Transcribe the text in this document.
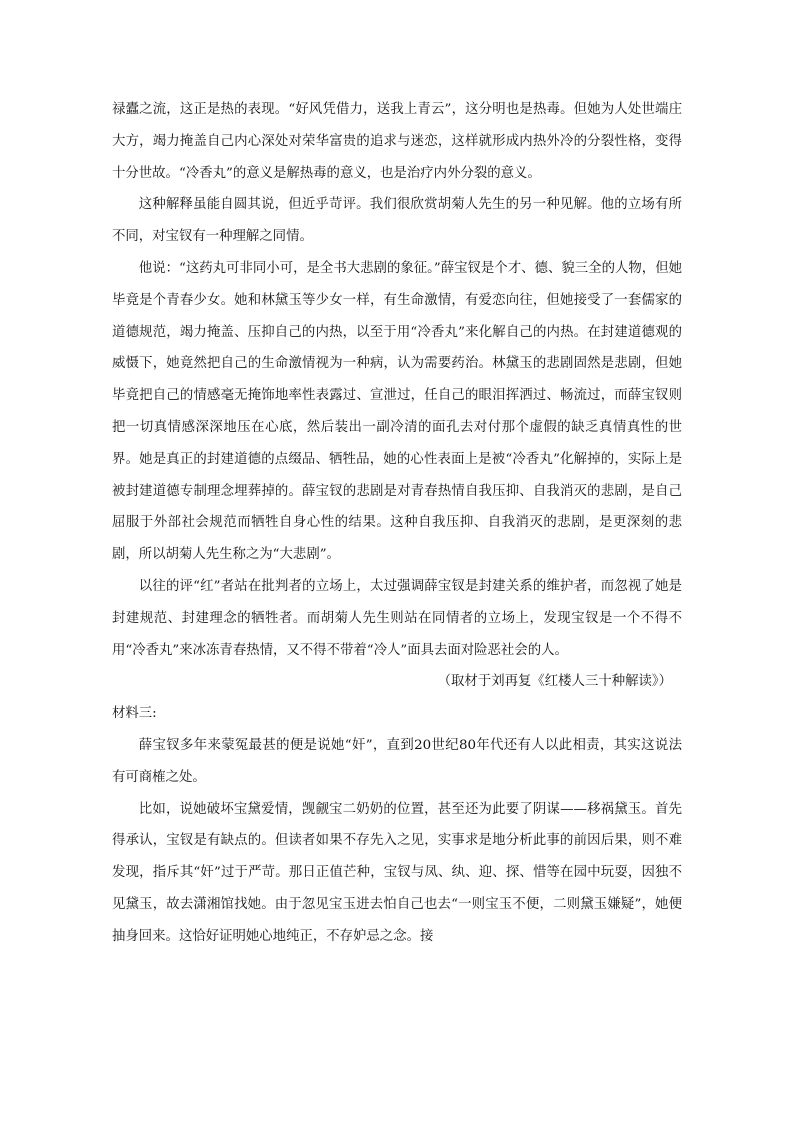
禄蠹之流，这正是热的表现。“好风凭借力，送我上青云”，这分明也是热毒。但她为人处世端庄大方，竭力掩盖自己内心深处对荣华富贵的追求与迷恋，这样就形成内热外冷的分裂性格，变得十分世故。“冷香丸”的意义是解热毒的意义，也是治疗内外分裂的意义。

这种解释虽能自圆其说，但近乎苛评。我们很欣赏胡菊人先生的另一种见解。他的立场有所不同，对宝钗有一种理解之同情。

他说：“这药丸可非同小可，是全书大悲剧的象征。”薛宝钗是个才、德、貌三全的人物，但她毕竟是个青春少女。她和林黛玉等少女一样，有生命激情，有爱恋向往，但她接受了一套儒家的道德规范，竭力掩盖、压抑自己的内热，以至于用“冷香丸”来化解自己的内热。在封建道德观的威慑下，她竟然把自己的生命激情视为一种病，认为需要药治。林黛玉的悲剧固然是悲剧，但她毕竟把自己的情感毫无掩饰地率性表露过、宣泄过，任自己的眼泪挥洒过、畅流过，而薛宝钗则把一切真情感深深地压在心底，然后装出一副冷清的面孔去对付那个虚假的缺乏真情真性的世界。她是真正的封建道德的点缀品、牺牲品，她的心性表面上是被“冷香丸”化解掉的，实际上是被封建道德专制理念埋葬掉的。薛宝钗的悲剧是对青春热情自我压抑、自我消灭的悲剧，是自己屈服于外部社会规范而牺牲自身心性的结果。这种自我压抑、自我消灭的悲剧，是更深刻的悲剧，所以胡菊人先生称之为“大悲剧”。

以往的评“红”者站在批判者的立场上，太过强调薛宝钗是封建关系的维护者，而忽视了她是封建规范、封建理念的牺牲者。而胡菊人先生则站在同情者的立场上，发现宝钗是一个不得不用“冷香丸”来冰冻青春热情，又不得不带着“冷人”面具去面对险恶社会的人。

（取材于刘再复《红楼人三十种解读》）

材料三:

薛宝钗多年来蒙冤最甚的便是说她“奸”，直到20世纪80年代还有人以此相责，其实这说法有可商榷之处。

比如，说她破坏宝黛爱情，觊觎宝二奶奶的位置，甚至还为此要了阴谋——移祸黛玉。首先得承认，宝钗是有缺点的。但读者如果不存先入之见，实事求是地分析此事的前因后果，则不难发现，指斥其“奸”过于严苛。那日正值芒种，宝钗与凤、纨、迎、探、惜等在园中玩耍，因独不见黛玉，故去潇湘馆找她。由于忽见宝玉进去怕自己也去“一则宝玉不便，二则黛玉嫌疑”，她便抽身回来。这恰好证明她心地纯正，不存妒忌之念。接
